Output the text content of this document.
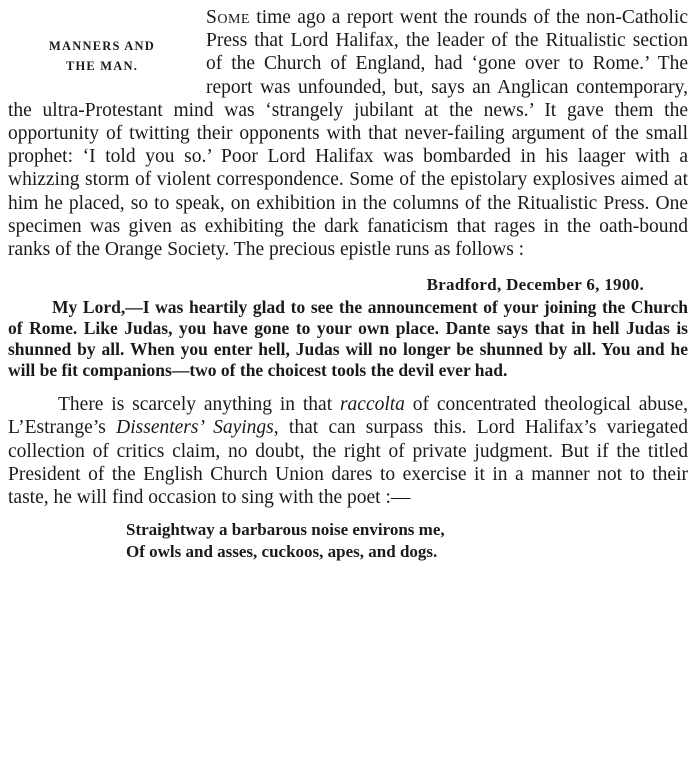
MANNERS AND
THE MAN.

Some time ago a report went the rounds of the non-Catholic Press that Lord Halifax, the leader of the Ritualistic section of the Church of England, had ‘gone over to Rome.’ The report was unfounded, but, says an Anglican contemporary, the ultra-Protestant mind was ‘strangely jubilant at the news.’ It gave them the opportunity of twitting their opponents with that never-failing argument of the small prophet: ‘I told you so.’ Poor Lord Halifax was bombarded in his laager with a whizzing storm of violent correspondence. Some of the epistolary explosives aimed at him he placed, so to speak, on exhibition in the columns of the Ritualistic Press. One specimen was given as exhibiting the dark fanaticism that rages in the oath-bound ranks of the Orange Society. The precious epistle runs as follows :

Bradford, December 6, 1900.

My Lord,—I was heartily glad to see the announcement of your joining the Church of Rome. Like Judas, you have gone to your own place. Dante says that in hell Judas is shunned by all. When you enter hell, Judas will no longer be shunned by all. You and he will be fit companions—two of the choicest tools the devil ever had.

There is scarcely anything in that raccolta of concentrated theological abuse, L’Estrange’s Dissenters’ Sayings, that can surpass this. Lord Halifax’s variegated collection of critics claim, no doubt, the right of private judgment. But if the titled President of the English Church Union dares to exercise it in a manner not to their taste, he will find occasion to sing with the poet :—

Straightway a barbarous noise environs me,
Of owls and asses, cuckoos, apes, and dogs.
